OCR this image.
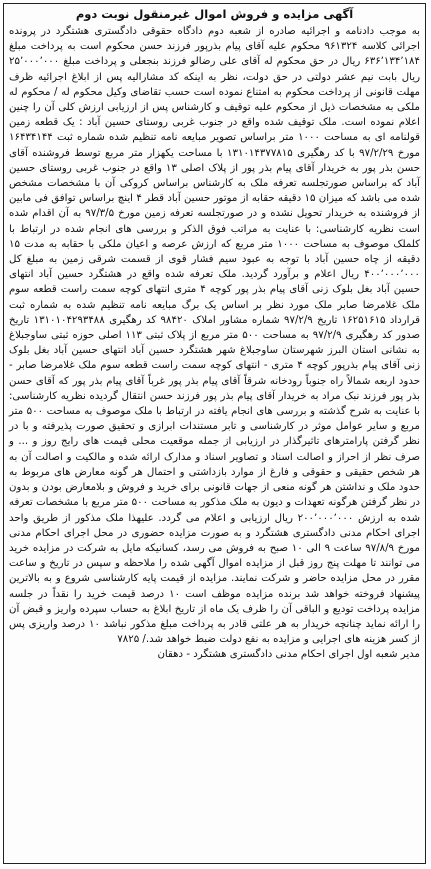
آگهی مزایده و فروش اموال غیرمنقول نوبت دوم

به موجب دادنامه و اجرائیه صادره از شعبه دوم دادگاه حقوقی دادگستری هشتگرد در پرونده اجرائی کلاسه ۹۶۱۳۲۴ محکوم علیه آقای پیام بذرپور فرزند حسن محکوم است به پرداخت مبلغ ۶۳۶٬۱۳۴٬۱۸۴ ریال در حق محکوم له آقای علی رضالو فرزند بنجعلی و پرداخت مبلغ ۲۵٬۰۰۰٬۰۰۰ ریال بابت نیم عشر دولتی در حق دولت، نظر به اینکه کد مشارالیه پس از ابلاغ اجرائیه ظرف مهلت قانونی از پرداخت محکوم به امتناع نموده است حسب تقاضای وکیل محکوم له / محکوم له ملکی به مشخصات ذیل از محکوم علیه توقیف و کارشناس پس از ارزیابی ارزش کلی آن را چنین اعلام نموده است. ملک توقیف شده واقع در جنوب غربی روستای حسین آباد : یک قطعه زمین قولنامه ای به مساحت ۱۰۰۰ متر براساس تصویر مبایعه نامه تنظیم شده شماره ثبت ۱۶۴۳۴۱۴۴ مورخ ۹۷/۲/۲۹ با کد رهگیری ۱۳۱۰۱۴۳۷۷۸۱۵ با مساحت یکهزار متر مربع توسط فروشنده آقای حسن بذر پور به خریدار آقای پیام بذر پور از پلاک اصلی ۱۳ واقع در جنوب غربی روستای حسین آباد که براساس صورتجلسه تعرفه ملک به کارشناس براساس کروکی آن با مشخصات مشخص شده می باشد که میزان ۱۵ دقیقه حقابه از موتور حسین آباد قطر ۴ اینچ براساس توافق فی مابین از فروشنده به خریدار تحویل نشده و در صورتجلسه تعرفه زمین مورخ ۹۷/۳/۵ به آن اقدام شده است نظریه کارشناسی: با عنایت به مراتب فوق الذکر و بررسی های انجام شده در ارتباط با کلملک موصوف به مساحت ۱۰۰۰ متر مربع که ارزش عرصه و اعیان ملکی با حقابه به مدت ۱۵ دقیقه از چاه حسین آباد با توجه به عبود سیم فشار قوی از قسمت شرقی زمین به مبلغ کل ۴۰۰٬۰۰۰٬۰۰۰ ریال اعلام و برآورد گردید. ملک تعرفه شده واقع در هشتگرد حسین آباد انتهای حسین آباد بغل بلوک زنی آقای پیام بذر پور کوچه ۴ متری انتهای کوچه سمت راست قطعه سوم ملک غلامرضا صابر ملک مورد نظر بر اساس یک برگ مبایعه نامه تنظیم شده به شماره ثبت قرارداد ۱۶۲۵۱۶۱۵ تاریخ ۹۷/۲/۹ شماره مشاور املاک ۹۸۴۲۰ کد رهگیری ۱۳۱۰۱۰۴۲۹۳۴۸۸ تاریخ صدور کد رهگیری ۹۷/۲/۹ به مساحت ۵۰۰ متر مربع از پلاک ثبتی ۱۱۳ اصلی حوزه ثبتی ساوجبلاغ به نشانی استان البرز شهرستان ساوجبلاغ شهر هشتگرد حسین آباد انتهای حسین آباد بغل بلوک زنی آقای پیام بذرپور کوچه ۴ متری - انتهای کوچه سمت راست قطعه سوم ملک غلامرضا صابر - حدود اربعه شمالاً راه جنوباً رودخانه شرقاً آقای پیام بذر پور غرباً آقای پیام بذر پور که آقای حسن بذر پور فرزند نبک مراد به خریدار آقای پیام بذر پور فرزند حسن انتقال گردیده نظریه کارشناسی: با عنایت به شرح گذشته و بررسی های انجام یافته در ارتباط با ملک موصوف به مساحت ۵۰۰ متر مربع و سایر عوامل موثر در کارشناسی و تابر مستندات ابرازی و تحقیق صورت پذیرفته و با در نظر گرفتن پارامترهای تاثیرگذار در ارزیابی از جمله موقعیت محلی قیمت های رایج روز و ... و صرف نظر از احراز و اصالت اسناد و تصاویر اسناد و مدارک ارائه شده و مالکیت و اصالت آن به هر شخص حقیقی و حقوقی و فارغ از موارد بازداشتی و احتمال هر گونه معارض های مربوط به حدود ملک و نداشتن هر گونه منعی از جهات قانونی برای خرید و فروش و بلامعارض بودن و بدون در نظر گرفتن هرگونه تعهدات و دیون به ملک مذکور به مساحت ۵۰۰ متر مربع با مشخصات تعرفه شده به ارزش ۲۰۰٬۰۰۰٬۰۰۰ ریال ارزیابی و اعلام می گردد. علیهذا ملک مذکور از طریق واحد اجرای احکام مدنی دادگستری هشتگرد و به صورت مزایده حضوری در محل اجرای احکام مدنی مورخ ۹۷/۸/۹ ساعت ۹ الی ۱۰ صبح به فروش می رسد، کسانیکه مایل به شرکت در مزایده خرید می توانند تا مهلت پنج روز قبل از مزایده اموال آگهی شده را ملاحظه و سپس در تاریخ و ساعت مقرر در محل مزایده حاضر و شرکت نمایند. مزایده از قیمت پایه کارشناسی شروع و به بالاترین پیشنهاد فروخته خواهد شد برنده مزایده موظف است ۱۰ درصد قیمت خرید را نقداً در جلسه مزایده پرداخت تودیع و الباقی آن را ظرف یک ماه از تاریخ ابلاغ به حساب سپرده واریز و قبض آن را ارائه نماید چنانچه خریدار به هر علتی قادر به پرداخت مبلغ مذکور نباشد ۱۰ درصد واریزی پس از کسر هزینه های اجرایی و مزایده به نفع دولت ضبط خواهد شد./ ۷۸۲۵

مدیر شعبه اول اجرای احکام مدنی دادگستری هشتگرد - دهقان
